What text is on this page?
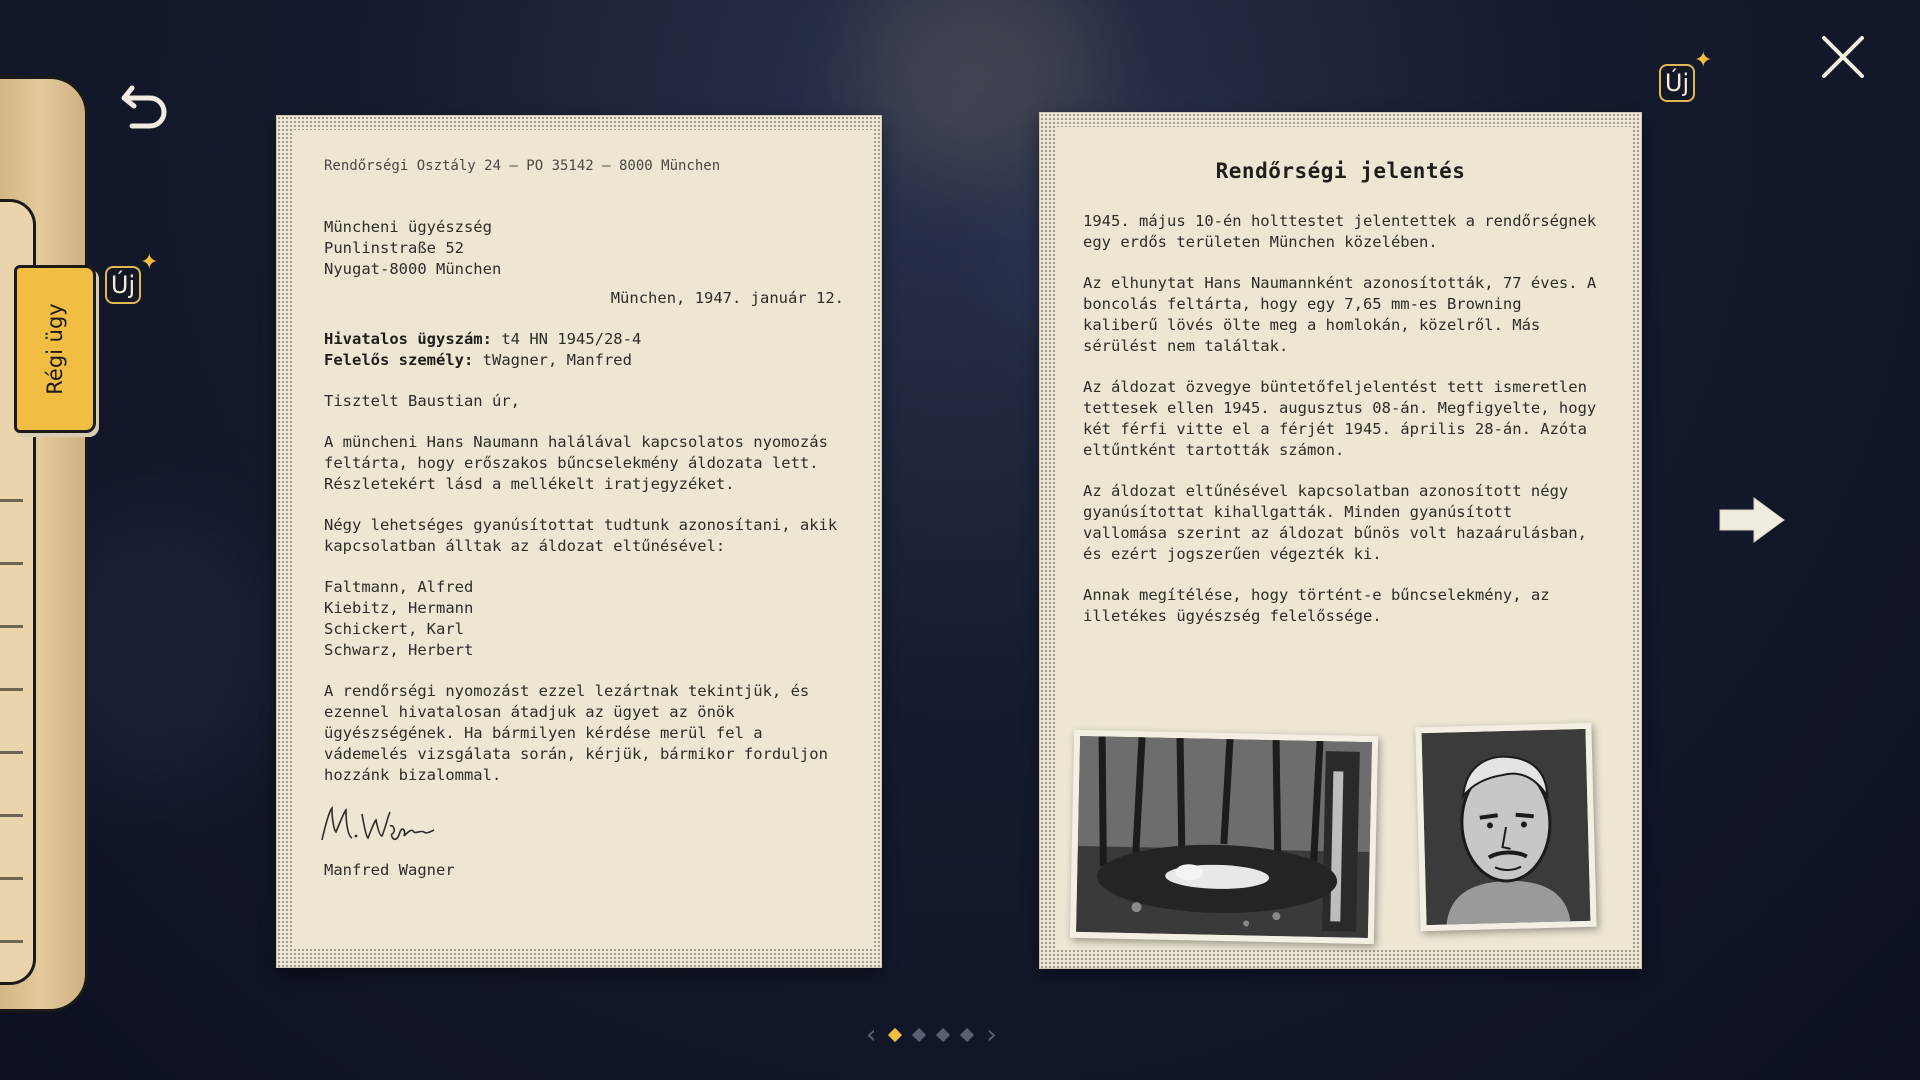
Régi ügy
Új
✦
Új
✦

Rendőrségi Osztály 24 – PO 35142 – 8000 München

Müncheni ügyészség

Punlinstraße 52

Nyugat-8000 München

München, 1947. január 12.

Hivatalos ügyszám: t4 HN 1945/28-4

Felelős személy: tWagner, Manfred

Tisztelt Baustian úr,

A müncheni Hans Naumann halálával kapcsolatos nyomozás feltárta, hogy erőszakos bűncselekmény áldozata lett. Részletekért lásd a mellékelt iratjegyzéket.

Négy lehetséges gyanúsítottat tudtunk azonosítani, akik kapcsolatban álltak az áldozat eltűnésével:

Faltmann, Alfred

Kiebitz, Hermann

Schickert, Karl

Schwarz, Herbert

A rendőrségi nyomozást ezzel lezártnak tekintjük, és ezennel hivatalosan átadjuk az ügyet az önök ügyészségének. Ha bármilyen kérdése merül fel a vádemelés vizsgálata során, kérjük, bármikor forduljon hozzánk bizalommal.

Manfred Wagner

Rendőrségi jelentés

1945. május 10-én holttestet jelentettek a rendőrségnek egy erdős területen München közelében.

Az elhunytat Hans Naumannként azonosították, 77 éves. A boncolás feltárta, hogy egy 7,65 mm-es Browning kaliberű lövés ölte meg a homlokán, közelről. Más sérülést nem találtak.

Az áldozat özvegye büntetőfeljelentést tett ismeretlen tettesek ellen 1945. augusztus 08-án. Megfigyelte, hogy két férfi vitte el a férjét 1945. április 28-án. Azóta eltűntként tartották számon.

Az áldozat eltűnésével kapcsolatban azonosított négy gyanúsítottat kihallgatták. Minden gyanúsított vallomása szerint az áldozat bűnös volt hazaárulásban, és ezért jogszerűen végezték ki.

Annak megítélése, hogy történt-e bűncselekmény, az illetékes ügyészség felelőssége.

‹	›
